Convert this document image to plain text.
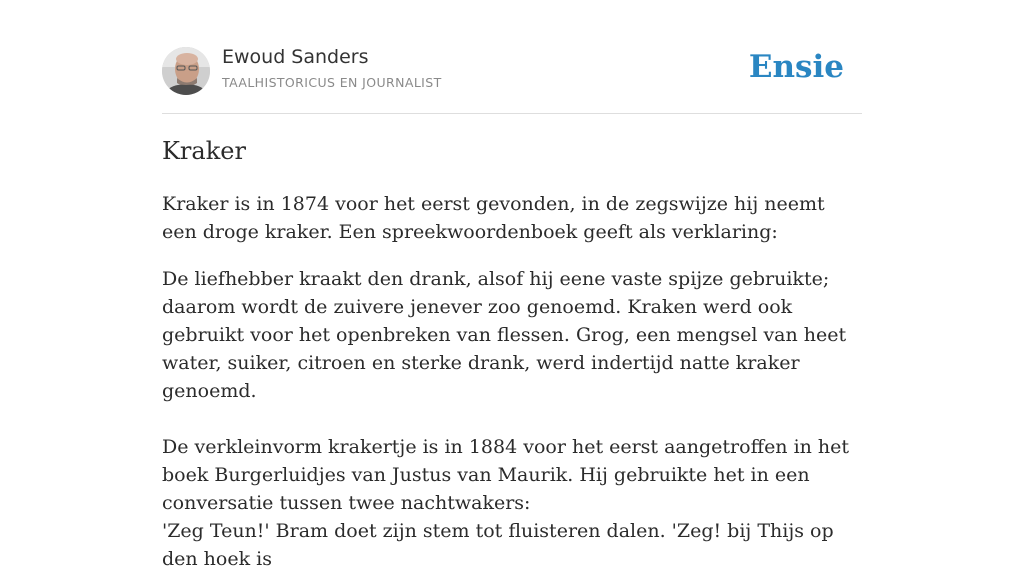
Ewoud Sanders
TAALHISTORICUS EN JOURNALIST	Ensie
Kraker

Kraker is in 1874 voor het eerst gevonden, in de zegswijze hij neemt een droge kraker. Een spreekwoordenboek geeft als verklaring:

De liefhebber kraakt den drank, alsof hij eene vaste spijze gebruikte; daarom wordt de zuivere jenever zoo genoemd. Kraken werd ook gebruikt voor het openbreken van flessen. Grog, een mengsel van heet water, suiker, citroen en sterke drank, werd indertijd natte kraker genoemd.

De verkleinvorm krakertje is in 1884 voor het eerst aangetroffen in het boek Burgerluidjes van Justus van Maurik. Hij gebruikte het in een conversatie tussen twee nachtwakers:
'Zeg Teun!' Bram doet zijn stem tot fluisteren dalen. 'Zeg! bij Thijs op den hoek is
